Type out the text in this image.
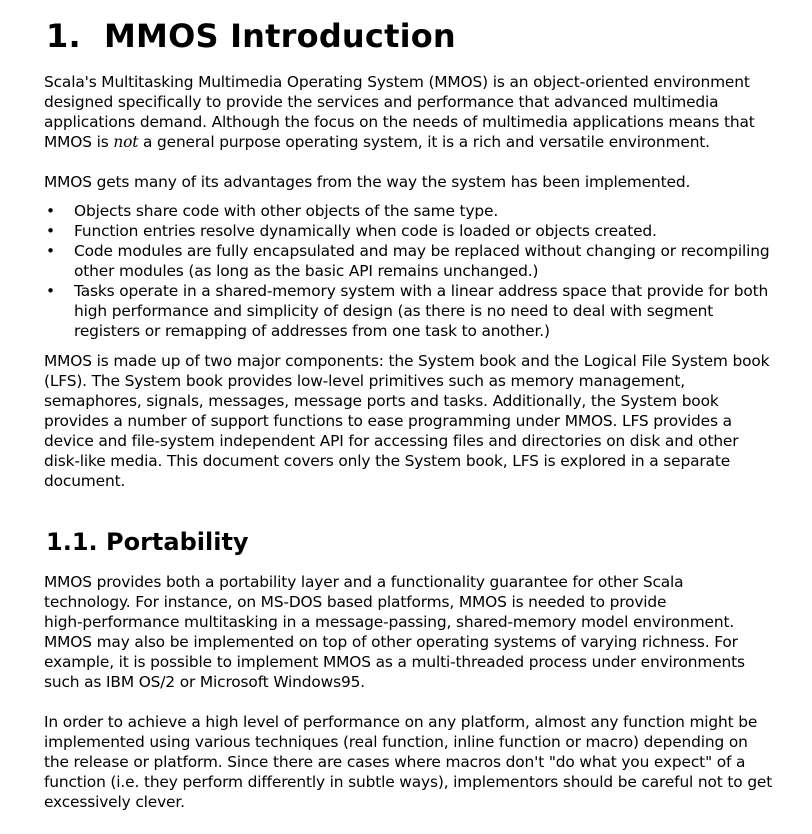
1. MMOS Introduction

Scala's Multitasking Multimedia Operating System (MMOS) is an object-oriented environment
designed specifically to provide the services and performance that advanced multimedia
applications demand. Although the focus on the needs of multimedia applications means that
MMOS is not a general purpose operating system, it is a rich and versatile environment.

MMOS gets many of its advantages from the way the system has been implemented.

• Objects share code with other objects of the same type.
• Function entries resolve dynamically when code is loaded or objects created.
• Code modules are fully encapsulated and may be replaced without changing or recompiling
other modules (as long as the basic API remains unchanged.)
• Tasks operate in a shared-memory system with a linear address space that provide for both
high performance and simplicity of design (as there is no need to deal with segment
registers or remapping of addresses from one task to another.)

MMOS is made up of two major components: the System book and the Logical File System book
(LFS). The System book provides low-level primitives such as memory management,
semaphores, signals, messages, message ports and tasks. Additionally, the System book
provides a number of support functions to ease programming under MMOS. LFS provides a
device and file-system independent API for accessing files and directories on disk and other
disk-like media. This document covers only the System book, LFS is explored in a separate
document.

1.1. Portability

MMOS provides both a portability layer and a functionality guarantee for other Scala
technology. For instance, on MS-DOS based platforms, MMOS is needed to provide
high-performance multitasking in a message-passing, shared-memory model environment.
MMOS may also be implemented on top of other operating systems of varying richness. For
example, it is possible to implement MMOS as a multi-threaded process under environments
such as IBM OS/2 or Microsoft Windows95.

In order to achieve a high level of performance on any platform, almost any function might be
implemented using various techniques (real function, inline function or macro) depending on
the release or platform. Since there are cases where macros don't "do what you expect" of a
function (i.e. they perform differently in subtle ways), implementors should be careful not to get
excessively clever.
